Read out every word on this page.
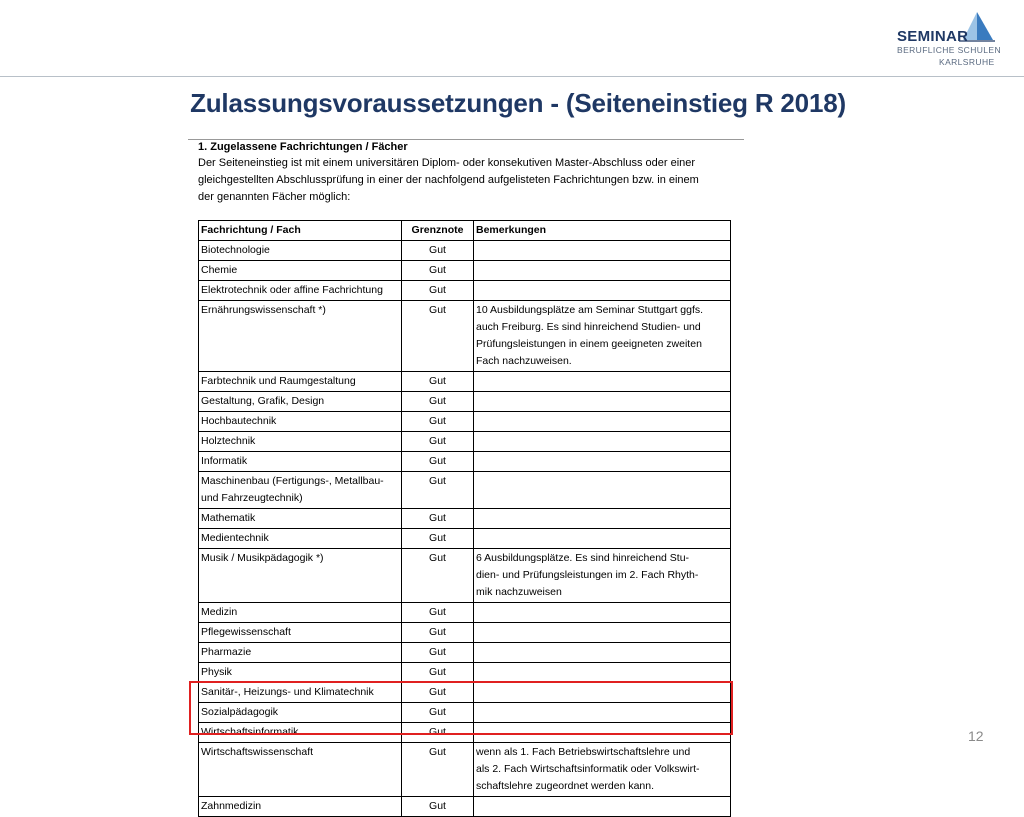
SEMINAR
BERUFLICHE SCHULEN
KARLSRUHE
Zulassungsvoraussetzungen - (Seiteneinstieg R 2018)
1. Zugelassene Fachrichtungen / Fächer
Der Seiteneinstieg ist mit einem universitären Diplom- oder konsekutiven Master-Abschluss oder einer
gleichgestellten Abschlussprüfung in einer der nachfolgend aufgelisteten Fachrichtungen bzw. in einem
der genannten Fächer möglich:
Fachrichtung / Fach	Grenznote	Bemerkungen

Biotechnologie	Gut	

Chemie	Gut	

Elektrotechnik oder affine Fachrichtung	Gut	

Ernährungswissenschaft *)	Gut	10 Ausbildungsplätze am Seminar Stuttgart ggfs.
auch Freiburg. Es sind hinreichend Studien- und
Prüfungsleistungen in einem geeigneten zweiten
Fach nachzuweisen.

Farbtechnik und Raumgestaltung	Gut	

Gestaltung, Grafik, Design	Gut	

Hochbautechnik	Gut	

Holztechnik	Gut	

Informatik	Gut	

Maschinenbau (Fertigungs-, Metallbau-
und Fahrzeugtechnik)	Gut	

Mathematik	Gut	

Medientechnik	Gut	

Musik / Musikpädagogik *)	Gut	6 Ausbildungsplätze. Es sind hinreichend Stu-
dien- und Prüfungsleistungen im 2. Fach Rhyth-
mik nachzuweisen

Medizin	Gut	

Pflegewissenschaft	Gut	

Pharmazie	Gut	

Physik	Gut	

Sanitär-, Heizungs- und Klimatechnik	Gut	

Sozialpädagogik	Gut	

Wirtschaftsinformatik	Gut	

Wirtschaftswissenschaft	Gut	wenn als 1. Fach Betriebswirtschaftslehre und
als 2. Fach Wirtschaftsinformatik oder Volkswirt-
schaftslehre zugeordnet werden kann.

Zahnmedizin	Gut	

12
